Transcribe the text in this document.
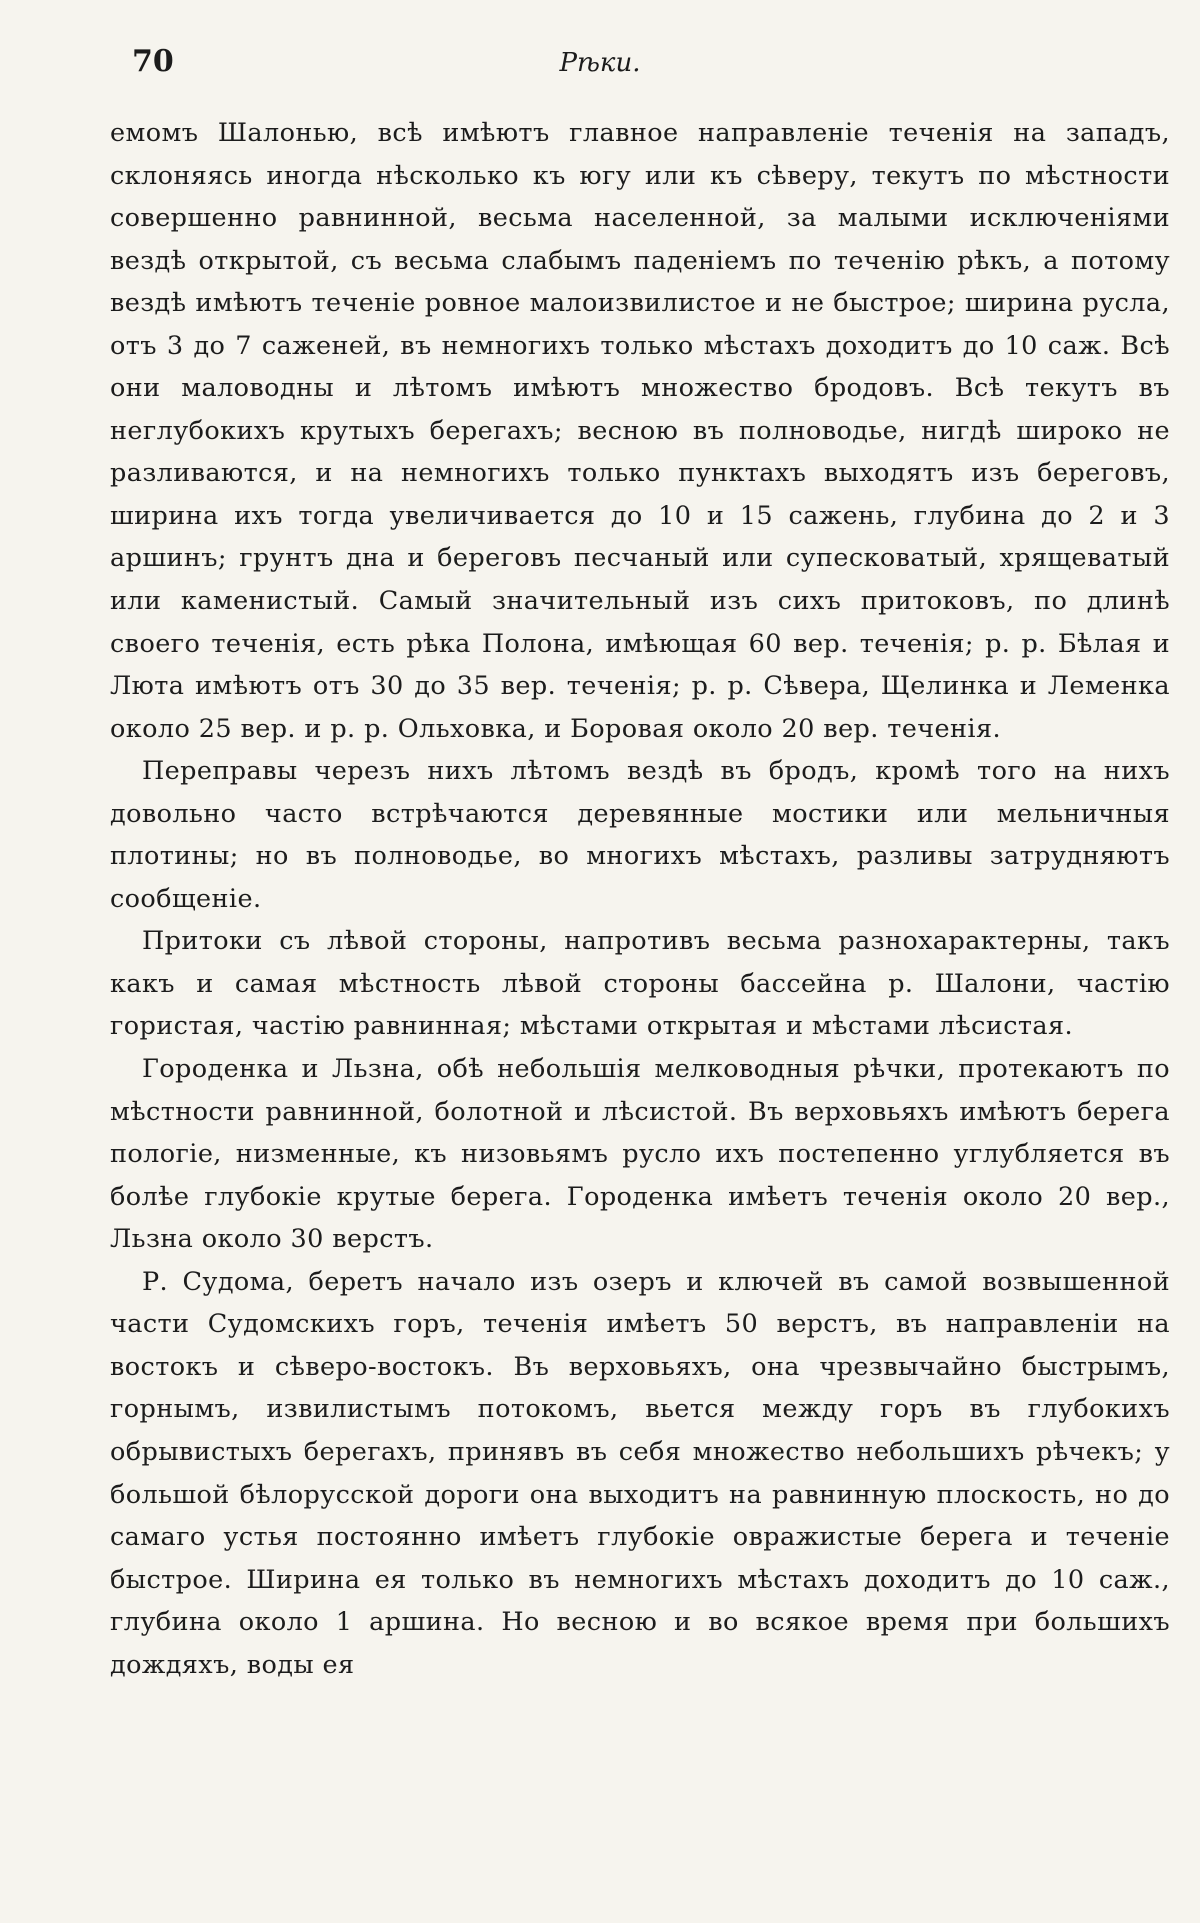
70	Рѣки.

емомъ Шалонью, всѣ имѣютъ главное направленіе теченія на западъ, склоняясь иногда нѣсколько къ югу или къ сѣверу, текутъ по мѣстности совершенно равнинной, весьма населенной, за малыми исключеніями вездѣ открытой, съ весьма слабымъ паденіемъ по теченію рѣкъ, а потому вездѣ имѣютъ теченіе ровное малоизвилистое и не быстрое; ширина русла, отъ 3 до 7 саженей, въ немногихъ только мѣстахъ доходитъ до 10 саж. Всѣ они маловодны и лѣтомъ имѣютъ множество бродовъ. Всѣ текутъ въ неглубокихъ крутыхъ берегахъ; весною въ полноводье, нигдѣ широко не разливаются, и на немногихъ только пунктахъ выходятъ изъ береговъ, ширина ихъ тогда увеличивается до 10 и 15 сажень, глубина до 2 и 3 аршинъ; грунтъ дна и береговъ песчаный или супесковатый, хрящеватый или каменистый. Самый значительный изъ сихъ притоковъ, по длинѣ своего теченія, есть рѣка Полона, имѣющая 60 вер. теченія; р. р. Бѣлая и Люта имѣютъ отъ 30 до 35 вер. теченія; р. р. Сѣвера, Щелинка и Леменка около 25 вер. и р. р. Ольховка, и Боровая около 20 вер. теченія.

Переправы черезъ нихъ лѣтомъ вездѣ въ бродъ, кромѣ того на нихъ довольно часто встрѣчаются деревянные мостики или мельничныя плотины; но въ полноводье, во многихъ мѣстахъ, разливы затрудняютъ сообщеніе.

Притоки съ лѣвой стороны, напротивъ весьма разнохарактерны, такъ какъ и самая мѣстность лѣвой стороны бассейна р. Шалони, частію гористая, частію равнинная; мѣстами открытая и мѣстами лѣсистая.

Городенка и Льзна, обѣ небольшія мелководныя рѣчки, протекаютъ по мѣстности равнинной, болотной и лѣсистой. Въ верховьяхъ имѣютъ берега пологіе, низменные, къ низовьямъ русло ихъ постепенно углубляется въ болѣе глубокіе крутые берега. Городенка имѣетъ теченія около 20 вер., Льзна около 30 верстъ.

Р. Судома, беретъ начало изъ озеръ и ключей въ самой возвышенной части Судомскихъ горъ, теченія имѣетъ 50 верстъ, въ направленіи на востокъ и сѣверо-востокъ. Въ верховьяхъ, она чрезвычайно быстрымъ, горнымъ, извилистымъ потокомъ, вьется между горъ въ глубокихъ обрывистыхъ берегахъ, принявъ въ себя множество небольшихъ рѣчекъ; у большой бѣлорусской дороги она выходитъ на равнинную плоскость, но до самаго устья постоянно имѣетъ глубокіе овражистые берега и теченіе быстрое. Ширина ея только въ немногихъ мѣстахъ доходитъ до 10 саж., глубина около 1 аршина. Но весною и во всякое время при большихъ дождяхъ, воды ея
